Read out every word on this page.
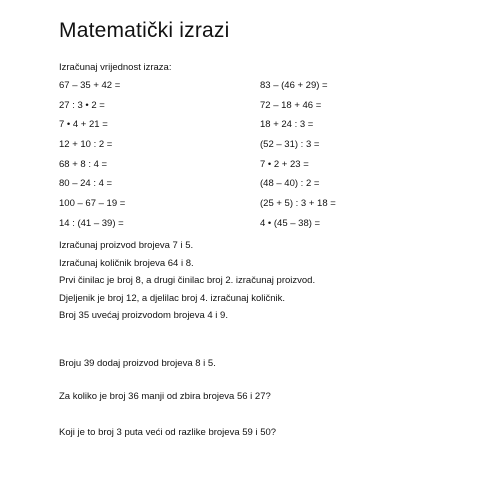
Matematički izrazi
Izračunaj vrijednost izraza:
67 – 35 + 42 =
27 : 3 • 2 =
7 • 4 + 21 =
12 + 10 : 2 =
68 + 8 : 4 =
80 – 24 : 4 =
100 – 67 – 19 =
14 : (41 – 39) =
83 – (46 + 29) =
72 – 18 + 46 =
18 + 24 : 3 =
(52 – 31) : 3 =
7 • 2 + 23 =
(48 – 40) : 2 =
(25 + 5) : 3 + 18 =
4 • (45 – 38) =
Izračunaj proizvod brojeva 7 i 5.
Izračunaj količnik brojeva 64 i 8.
Prvi činilac je broj 8, a drugi činilac broj 2. izračunaj proizvod.
Djeljenik je broj 12, a djelilac broj 4. izračunaj količnik.
Broj 35 uvećaj proizvodom brojeva 4 i 9.
Broju 39 dodaj proizvod brojeva 8 i 5.
Za koliko je broj 36 manji od zbira brojeva 56 i 27?
Koji je to broj 3 puta veći od razlike brojeva 59 i 50?
